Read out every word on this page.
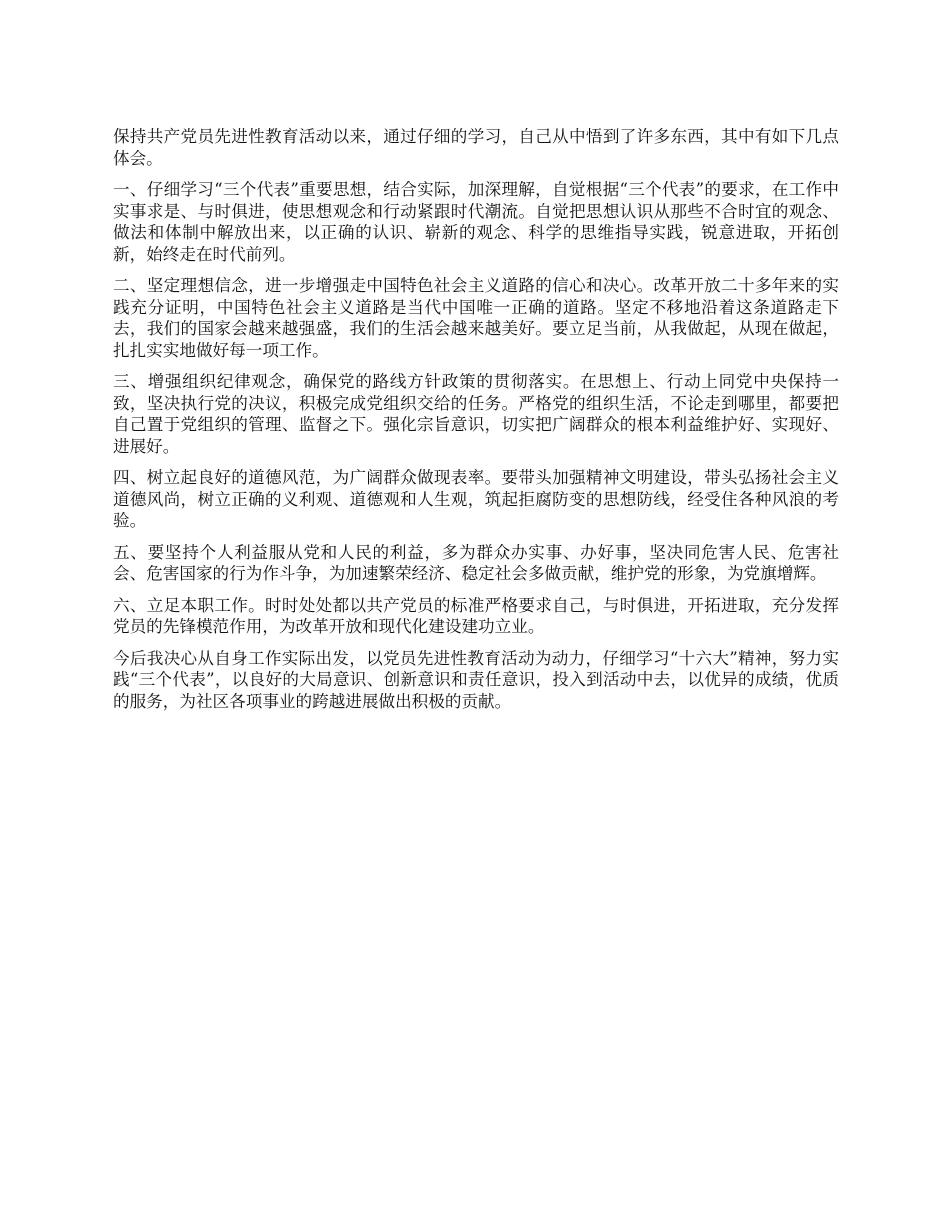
保持共产党员先进性教育活动以来，通过仔细的学习，自己从中悟到了许多东西，其中有如下几点体会。

一、仔细学习“三个代表”重要思想，结合实际，加深理解，自觉根据“三个代表”的要求，在工作中实事求是、与时俱进，使思想观念和行动紧跟时代潮流。自觉把思想认识从那些不合时宜的观念、做法和体制中解放出来，以正确的认识、崭新的观念、科学的思维指导实践，锐意进取，开拓创新，始终走在时代前列。

二、坚定理想信念，进一步增强走中国特色社会主义道路的信心和决心。改革开放二十多年来的实践充分证明，中国特色社会主义道路是当代中国唯一正确的道路。坚定不移地沿着这条道路走下去，我们的国家会越来越强盛，我们的生活会越来越美好。要立足当前，从我做起，从现在做起，扎扎实实地做好每一项工作。

三、增强组织纪律观念，确保党的路线方针政策的贯彻落实。在思想上、行动上同党中央保持一致，坚决执行党的决议，积极完成党组织交给的任务。严格党的组织生活，不论走到哪里，都要把自己置于党组织的管理、监督之下。强化宗旨意识，切实把广阔群众的根本利益维护好、实现好、进展好。

四、树立起良好的道德风范，为广阔群众做现表率。要带头加强精神文明建设，带头弘扬社会主义道德风尚，树立正确的义利观、道德观和人生观，筑起拒腐防变的思想防线，经受住各种风浪的考验。

五、要坚持个人利益服从党和人民的利益，多为群众办实事、办好事，坚决同危害人民、危害社会、危害国家的行为作斗争，为加速繁荣经济、稳定社会多做贡献，维护党的形象，为党旗增辉。

六、立足本职工作。时时处处都以共产党员的标准严格要求自己，与时俱进，开拓进取，充分发挥党员的先锋模范作用，为改革开放和现代化建设建功立业。

今后我决心从自身工作实际出发，以党员先进性教育活动为动力，仔细学习“十六大”精神，努力实践“三个代表”，以良好的大局意识、创新意识和责任意识，投入到活动中去，以优异的成绩，优质的服务，为社区各项事业的跨越进展做出积极的贡献。
